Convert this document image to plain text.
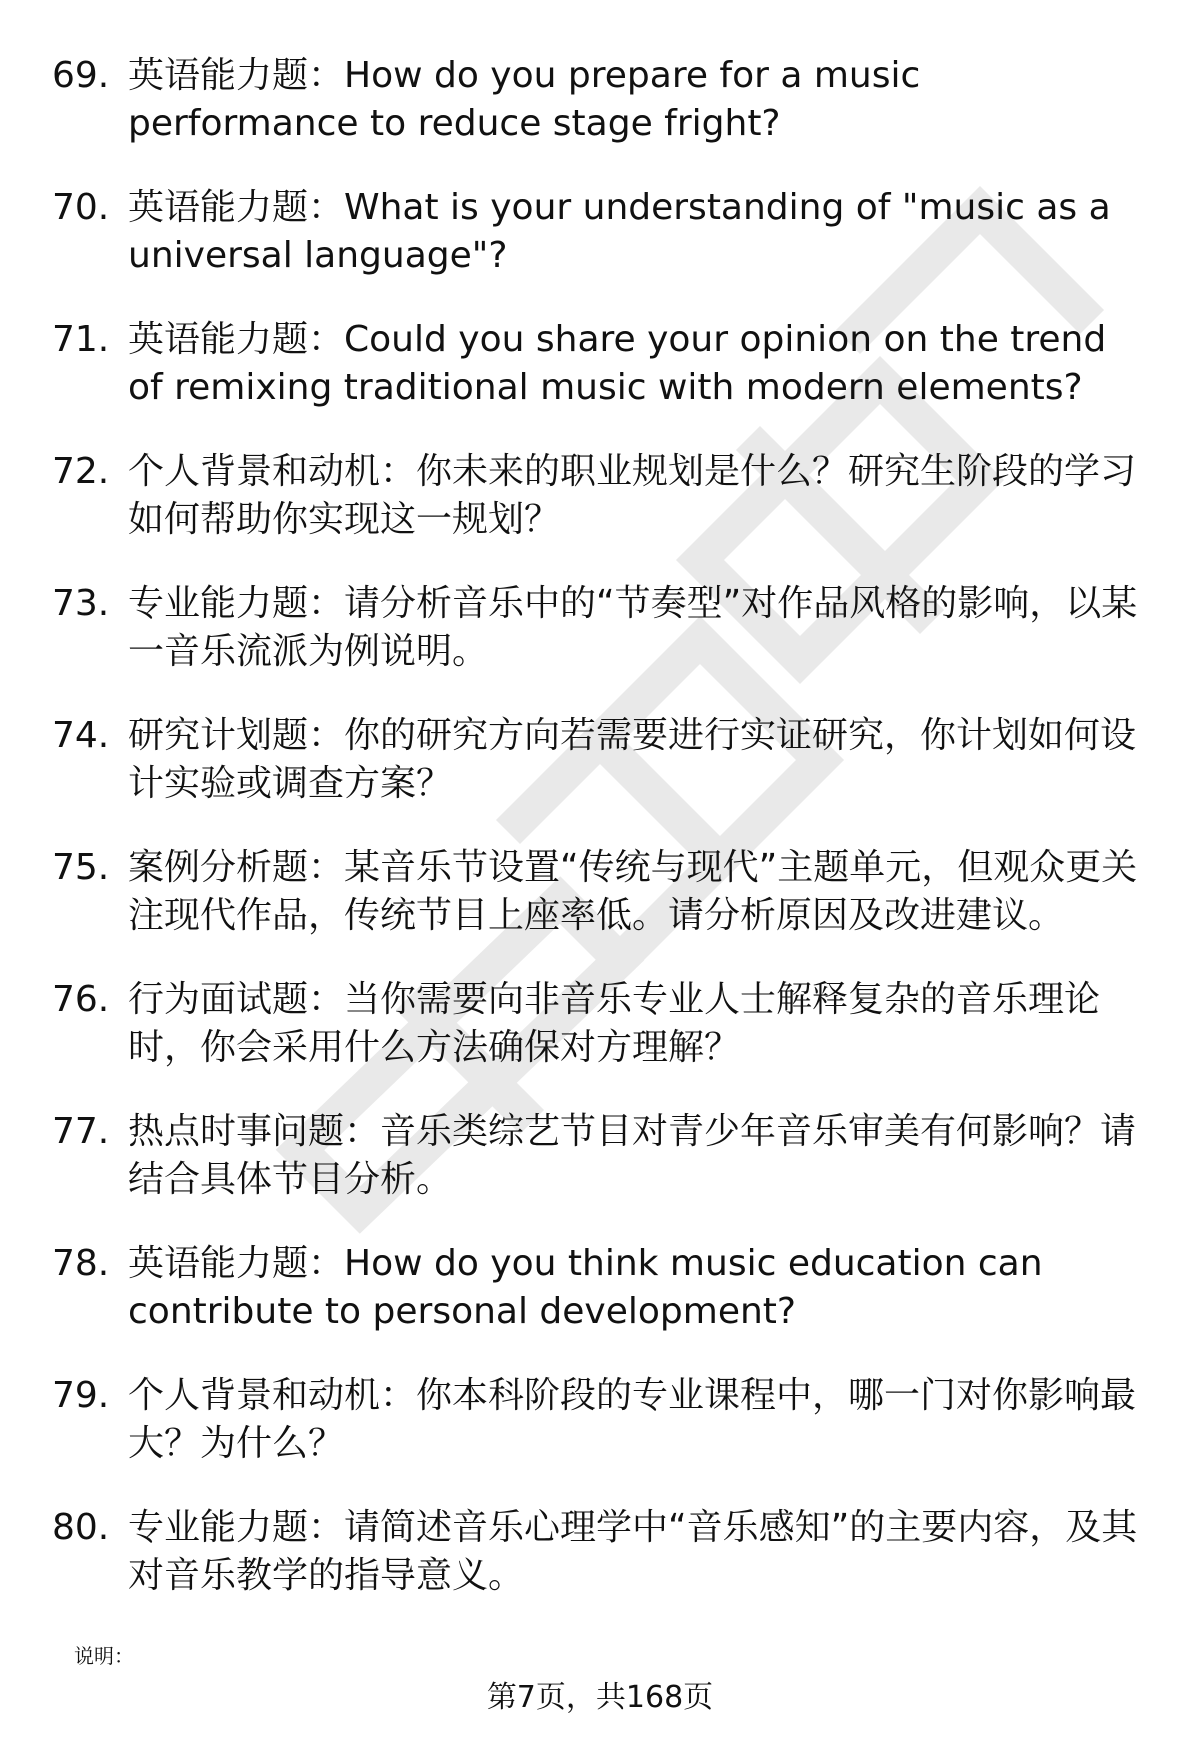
69. 英语能力题：How do you prepare for a music performance to reduce stage fright?
70. 英语能力题：What is your understanding of "music as a universal language"?
71. 英语能力题：Could you share your opinion on the trend of remixing traditional music with modern elements?
72. 个人背景和动机：你未来的职业规划是什么？研究生阶段的学习如何帮助你实现这一规划？
73. 专业能力题：请分析音乐中的“节奏型”对作品风格的影响，以某一音乐流派为例说明。
74. 研究计划题：你的研究方向若需要进行实证研究，你计划如何设计实验或调查方案？
75. 案例分析题：某音乐节设置“传统与现代”主题单元，但观众更关注现代作品，传统节目上座率低。请分析原因及改进建议。
76. 行为面试题：当你需要向非音乐专业人士解释复杂的音乐理论时，你会采用什么方法确保对方理解？
77. 热点时事问题：音乐类综艺节目对青少年音乐审美有何影响？请结合具体节目分析。
78. 英语能力题：How do you think music education can contribute to personal development?
79. 个人背景和动机：你本科阶段的专业课程中，哪一门对你影响最大？为什么？
80. 专业能力题：请简述音乐心理学中“音乐感知”的主要内容，及其对音乐教学的指导意义。
说明：
第7页，共168页
